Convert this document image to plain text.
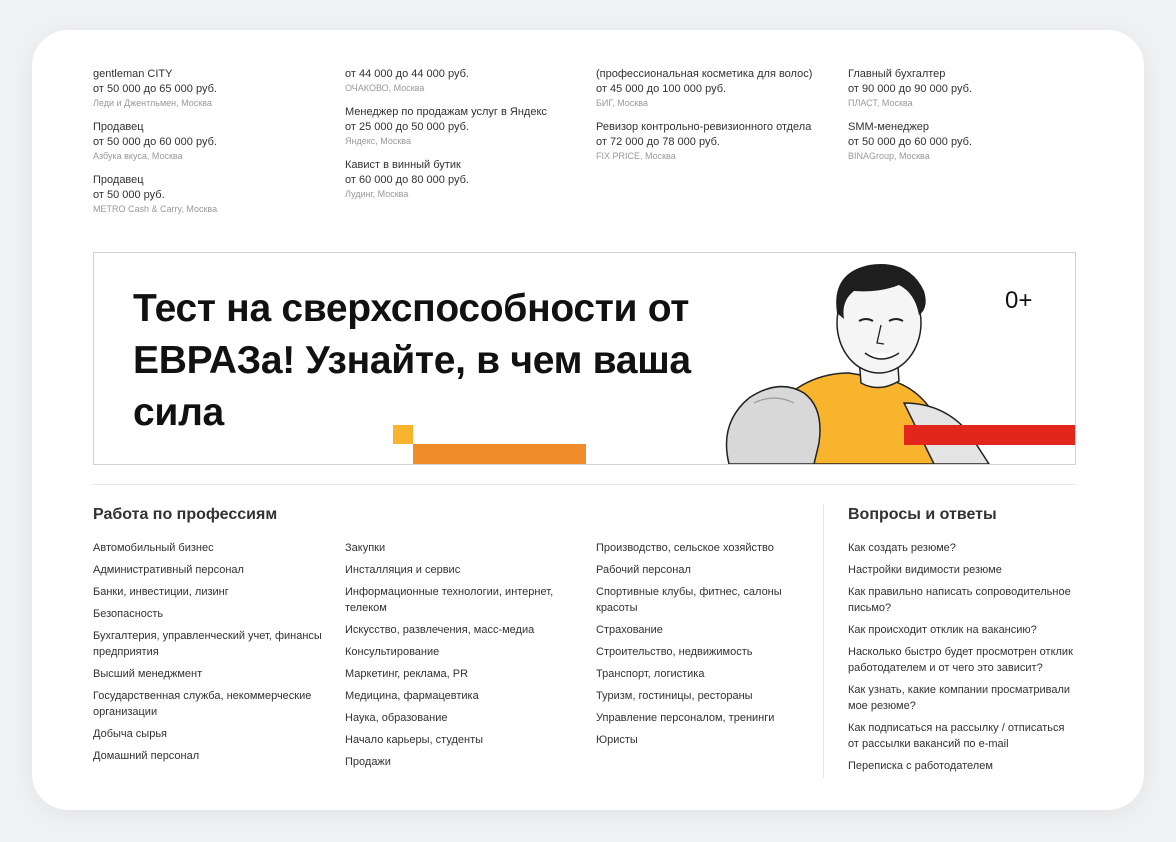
gentleman CITY
от 50 000 до 65 000 руб.
Леди и Джентльмен, Москва
Продавец
от 50 000 до 60 000 руб.
Азбука вкуса, Москва
Продавец
от 50 000 руб.
METRO Cash & Carry, Москва
от 44 000 до 44 000 руб.
ОЧАКОВО, Москва
Менеджер по продажам услуг в Яндекс
от 25 000 до 50 000 руб.
Яндекс, Москва
Кавист в винный бутик
от 60 000 до 80 000 руб.
Лудинг, Москва
(профессиональная косметика для волос)
от 45 000 до 100 000 руб.
БИГ, Москва
Ревизор контрольно-ревизионного отдела
от 72 000 до 78 000 руб.
FIX PRICE, Москва
Главный бухгалтер
от 90 000 до 90 000 руб.
ПЛАСТ, Москва
SMM-менеджер
от 50 000 до 60 000 руб.
BINAGroup, Москва
Тест на сверхспособности от ЕВРАЗа! Узнайте, в чем ваша сила
0+
Работа по профессиям
Автомобильный бизнес
Административный персонал
Банки, инвестиции, лизинг
Безопасность
Бухгалтерия, управленческий учет, финансы предприятия
Высший менеджмент
Государственная служба, некоммерческие организации
Добыча сырья
Домашний персонал
Закупки
Инсталляция и сервис
Информационные технологии, интернет, телеком
Искусство, развлечения, масс-медиа
Консультирование
Маркетинг, реклама, PR
Медицина, фармацевтика
Наука, образование
Начало карьеры, студенты
Продажи
Производство, сельское хозяйство
Рабочий персонал
Спортивные клубы, фитнес, салоны красоты
Страхование
Строительство, недвижимость
Транспорт, логистика
Туризм, гостиницы, рестораны
Управление персоналом, тренинги
Юристы
Вопросы и ответы
Как создать резюме?
Настройки видимости резюме
Как правильно написать сопроводительное письмо?
Как происходит отклик на вакансию?
Насколько быстро будет просмотрен отклик работодателем и от чего это зависит?
Как узнать, какие компании просматривали мое резюме?
Как подписаться на рассылку / отписаться от рассылки вакансий по e-mail
Переписка с работодателем
